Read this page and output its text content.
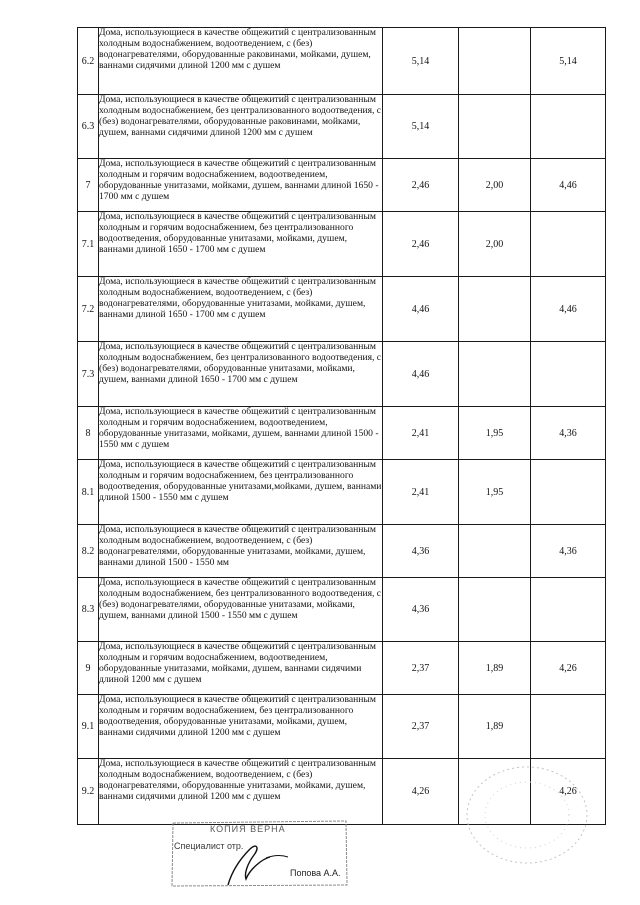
6.2	Дома, использующиеся в качестве общежитий с централизованным холодным водоснабжением, водоотведением, с (без) водонагревателями, оборудованные раковинами, мойками, душем, ваннами сидячими длиной 1200 мм с душем	5,14		5,14
6.3	Дома, использующиеся в качестве общежитий с централизованным холодным водоснабжением, без централизованного водоотведения, с (без) водонагревателями, оборудованные раковинами, мойками, душем, ваннами сидячими длиной 1200 мм с душем	5,14		
7	Дома, использующиеся в качестве общежитий с централизованным холодным и горячим водоснабжением, водоотведением, оборудованные унитазами, мойками, душем, ваннами длиной 1650 - 1700 мм с душем	2,46	2,00	4,46
7.1	Дома, использующиеся в качестве общежитий с централизованным холодным и горячим водоснабжением, без централизованного водоотведения, оборудованные унитазами, мойками, душем, ваннами длиной 1650 - 1700 мм с душем	2,46	2,00	
7.2	Дома, использующиеся в качестве общежитий с централизованным холодным водоснабжением, водоотведением, с (без) водонагревателями, оборудованные унитазами, мойками, душем, ваннами длиной 1650 - 1700 мм с душем	4,46		4,46
7.3	Дома, использующиеся в качестве общежитий с централизованным холодным водоснабжением, без централизованного водоотведения, с (без) водонагревателями, оборудованные унитазами, мойками, душем, ваннами длиной 1650 - 1700 мм с душем	4,46		
8	Дома, использующиеся в качестве общежитий с централизованным холодным и горячим водоснабжением, водоотведением, оборудованные унитазами, мойками, душем, ваннами длиной 1500 - 1550 мм с душем	2,41	1,95	4,36
8.1	Дома, использующиеся в качестве общежитий с централизованным холодным и горячим водоснабжением, без централизованного водоотведения, оборудованные унитазами,мойками, душем, ваннами длиной 1500 - 1550 мм с душем	2,41	1,95	
8.2	Дома, использующиеся в качестве общежитий с централизованным холодным водоснабжением, водоотведением, с (без) водонагревателями, оборудованные унитазами, мойками, душем, ваннами длиной 1500 - 1550 мм	4,36		4,36
8.3	Дома, использующиеся в качестве общежитий с централизованным холодным водоснабжением, без централизованного водоотведения, с (без) водонагревателями, оборудованные унитазами, мойками, душем, ваннами длиной 1500 - 1550 мм с душем	4,36		
9	Дома, использующиеся в качестве общежитий с централизованным холодным и горячим водоснабжением, водоотведением, оборудованные унитазами, мойками, душем, ваннами сидячими длиной 1200 мм с душем	2,37	1,89	4,26
9.1	Дома, использующиеся в качестве общежитий с централизованным холодным и горячим водоснабжением, без централизованного водоотведения, оборудованные унитазами, мойками, душем, ваннами сидячими длиной 1200 мм с душем	2,37	1,89	
9.2	Дома, использующиеся в качестве общежитий с централизованным холодным водоснабжением, водоотведением, с (без) водонагревателями, оборудованные унитазами, мойками, душем, ваннами сидячими длиной 1200 мм с душем	4,26		4,26
КОПИЯ ВЕРНА
Специалист отр.
Попова А.А.
